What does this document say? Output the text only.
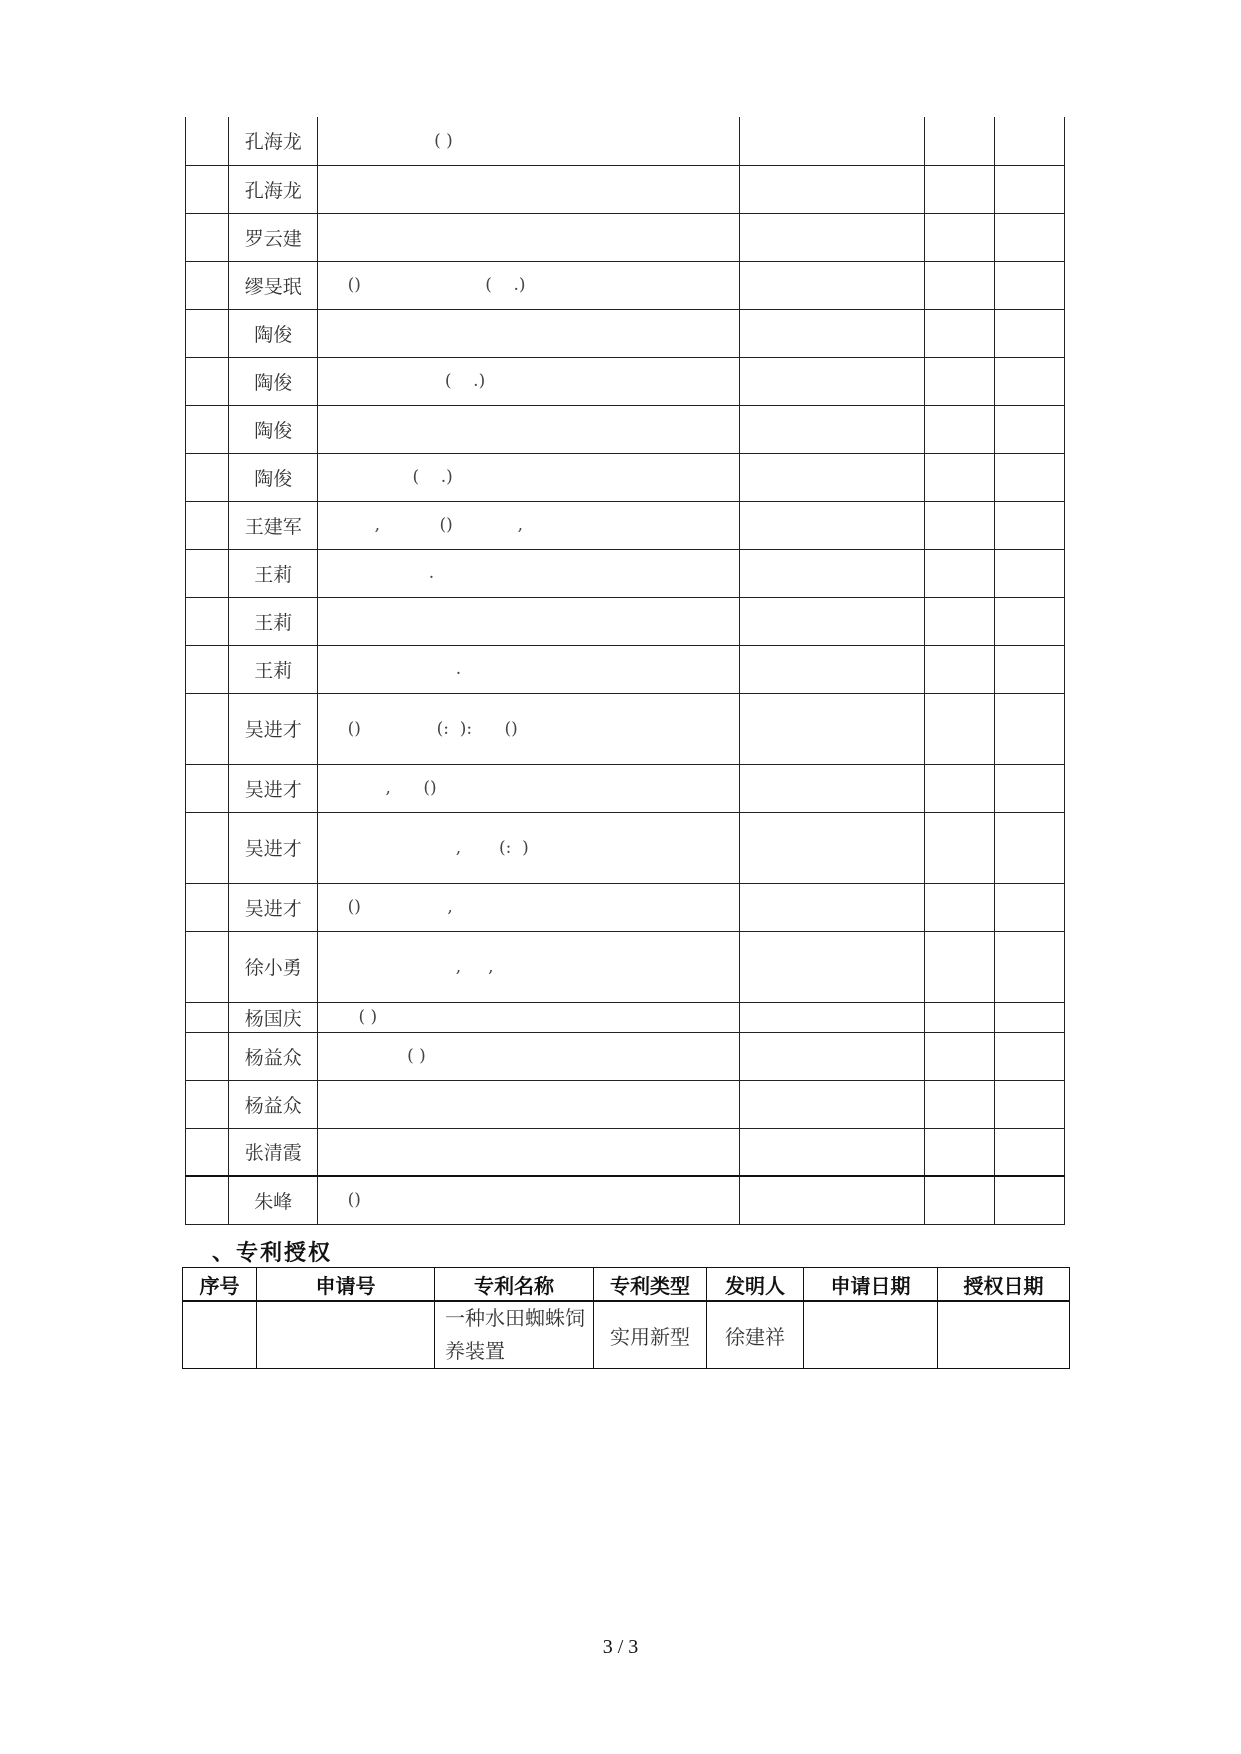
	孔海龙	( )			
	孔海龙				
	罗云建				
	缪旻珉	()                       (    .)			
	陶俊				
	陶俊	(    .)			
	陶俊				
	陶俊	(    .)			
	王建军	,           ()            ,			
	王莉	.			
	王莉				
	王莉	.			
	吴进才	()              (:  ):      ()			
	吴进才	,      ()			
	吴进才	,       (:  )			
	吴进才	()                ,			
	徐小勇	,     ,			
	杨国庆	( )			
	杨益众	( )			
	杨益众				
	张清霞				
	朱峰	()			
、专利授权
序号	申请号	专利名称	专利类型	发明人	申请日期	授权日期
		一种水田蜘蛛饲养装置	实用新型	徐建祥		
3 / 3
